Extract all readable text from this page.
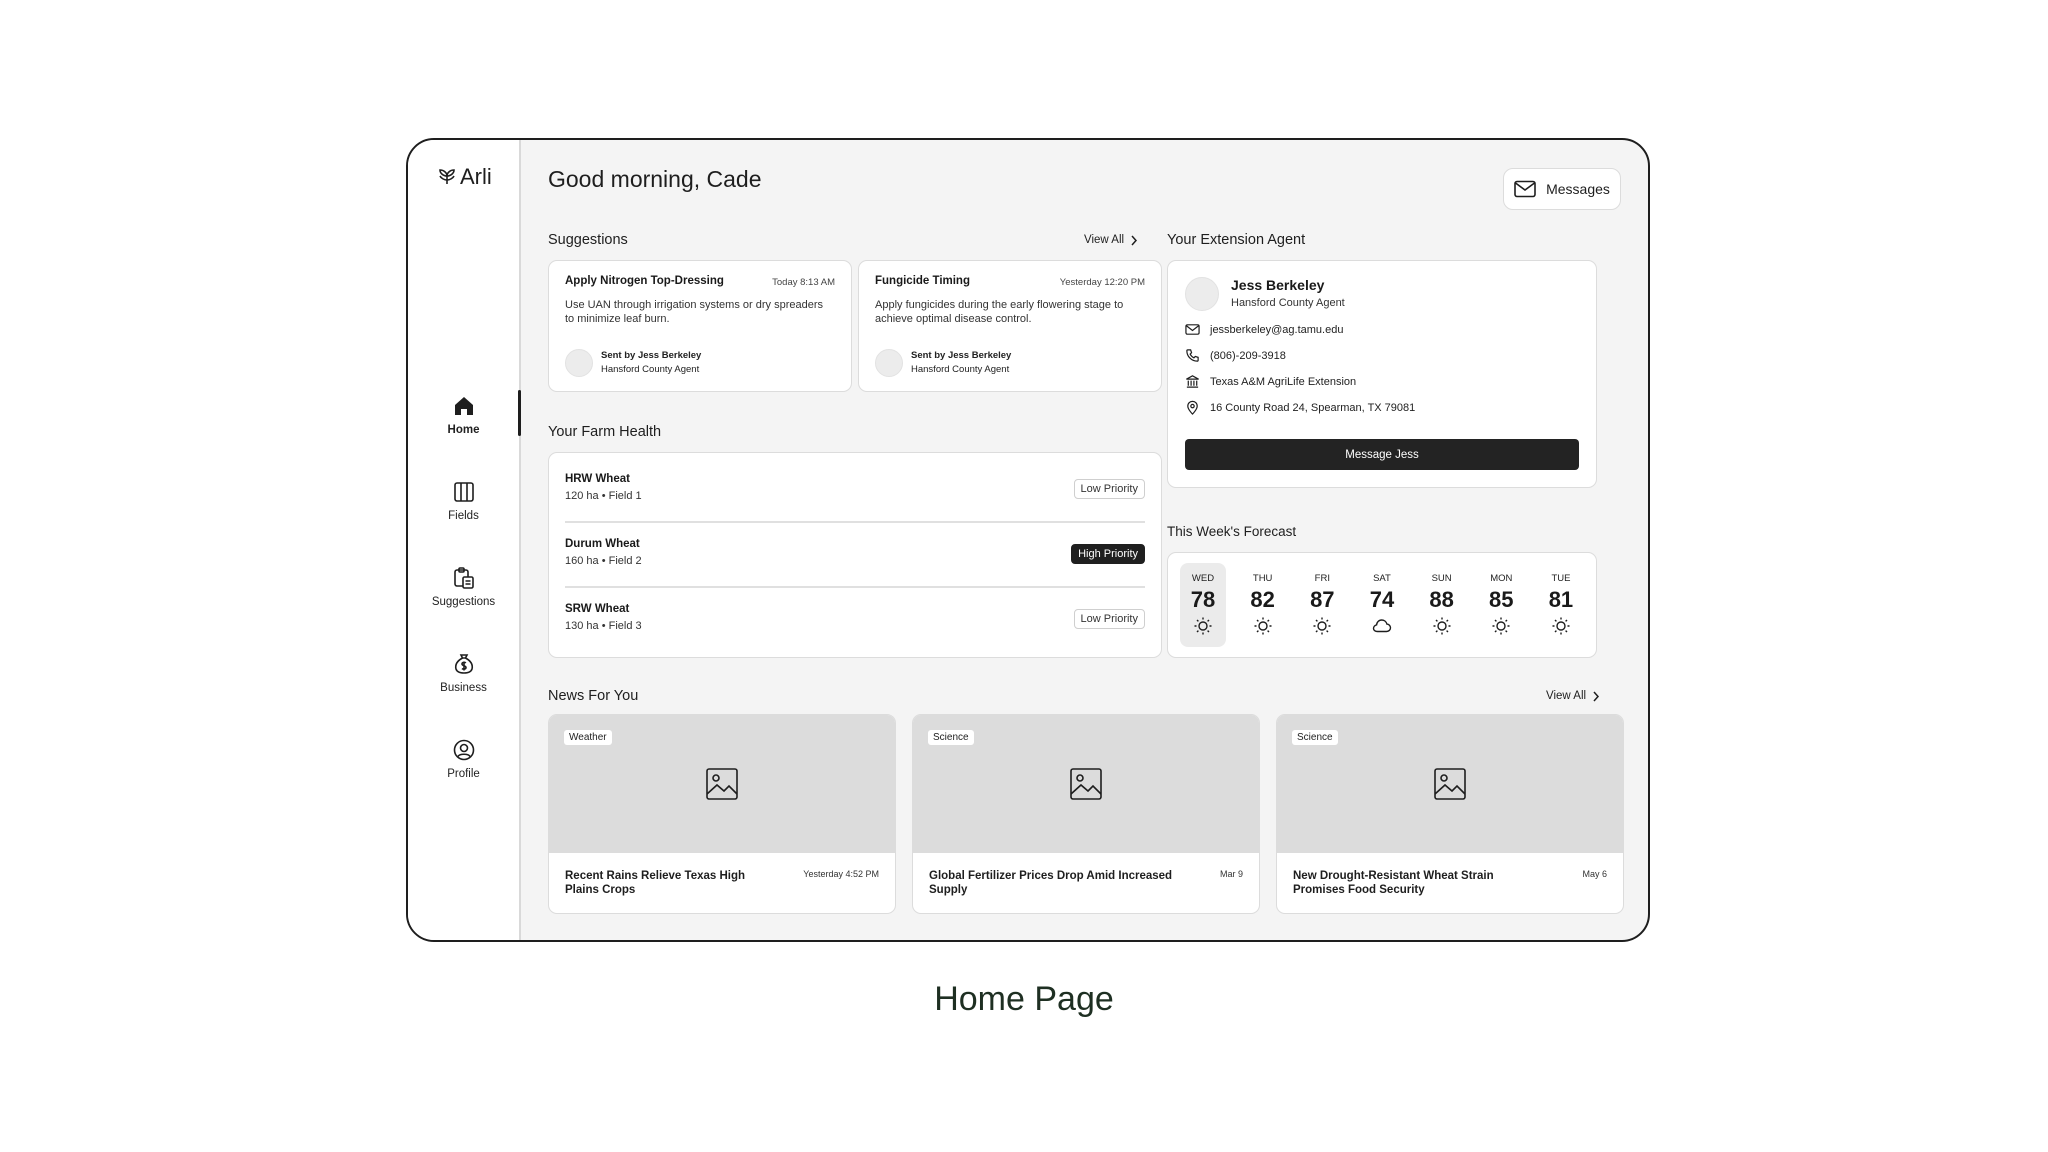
Arli
Home
Fields
Suggestions
Business
Profile
Good morning, Cade	Messages
Suggestions	View All
Apply Nitrogen Top-Dressing	Today 8:13 AM
Use UAN through irrigation systems or dry spreaders to minimize leaf burn.
Sent by Jess Berkeley
Hansford County Agent
Fungicide Timing	Yesterday 12:20 PM
Apply fungicides during the early flowering stage to achieve optimal disease control.
Sent by Jess Berkeley
Hansford County Agent
Your Farm Health
HRW Wheat
120 ha • Field 1
Low Priority
Durum Wheat
160 ha • Field 2
High Priority
SRW Wheat
130 ha • Field 3
Low Priority
Your Extension Agent
Jess Berkeley
Hansford County Agent
jessberkeley@ag.tamu.edu
(806)-209-3918
Texas A&M AgriLife Extension
16 County Road 24, Spearman, TX 79081
Message Jess
This Week's Forecast
WED
78
THU
82
FRI
87
SAT
74
SUN
88
MON
85
TUE
81
News For You	View All
Weather
Recent Rains Relieve Texas High Plains Crops
Yesterday 4:52 PM
Science
Global Fertilizer Prices Drop Amid Increased Supply
Mar 9
Science
New Drought-Resistant Wheat Strain Promises Food Security
May 6
Home Page
